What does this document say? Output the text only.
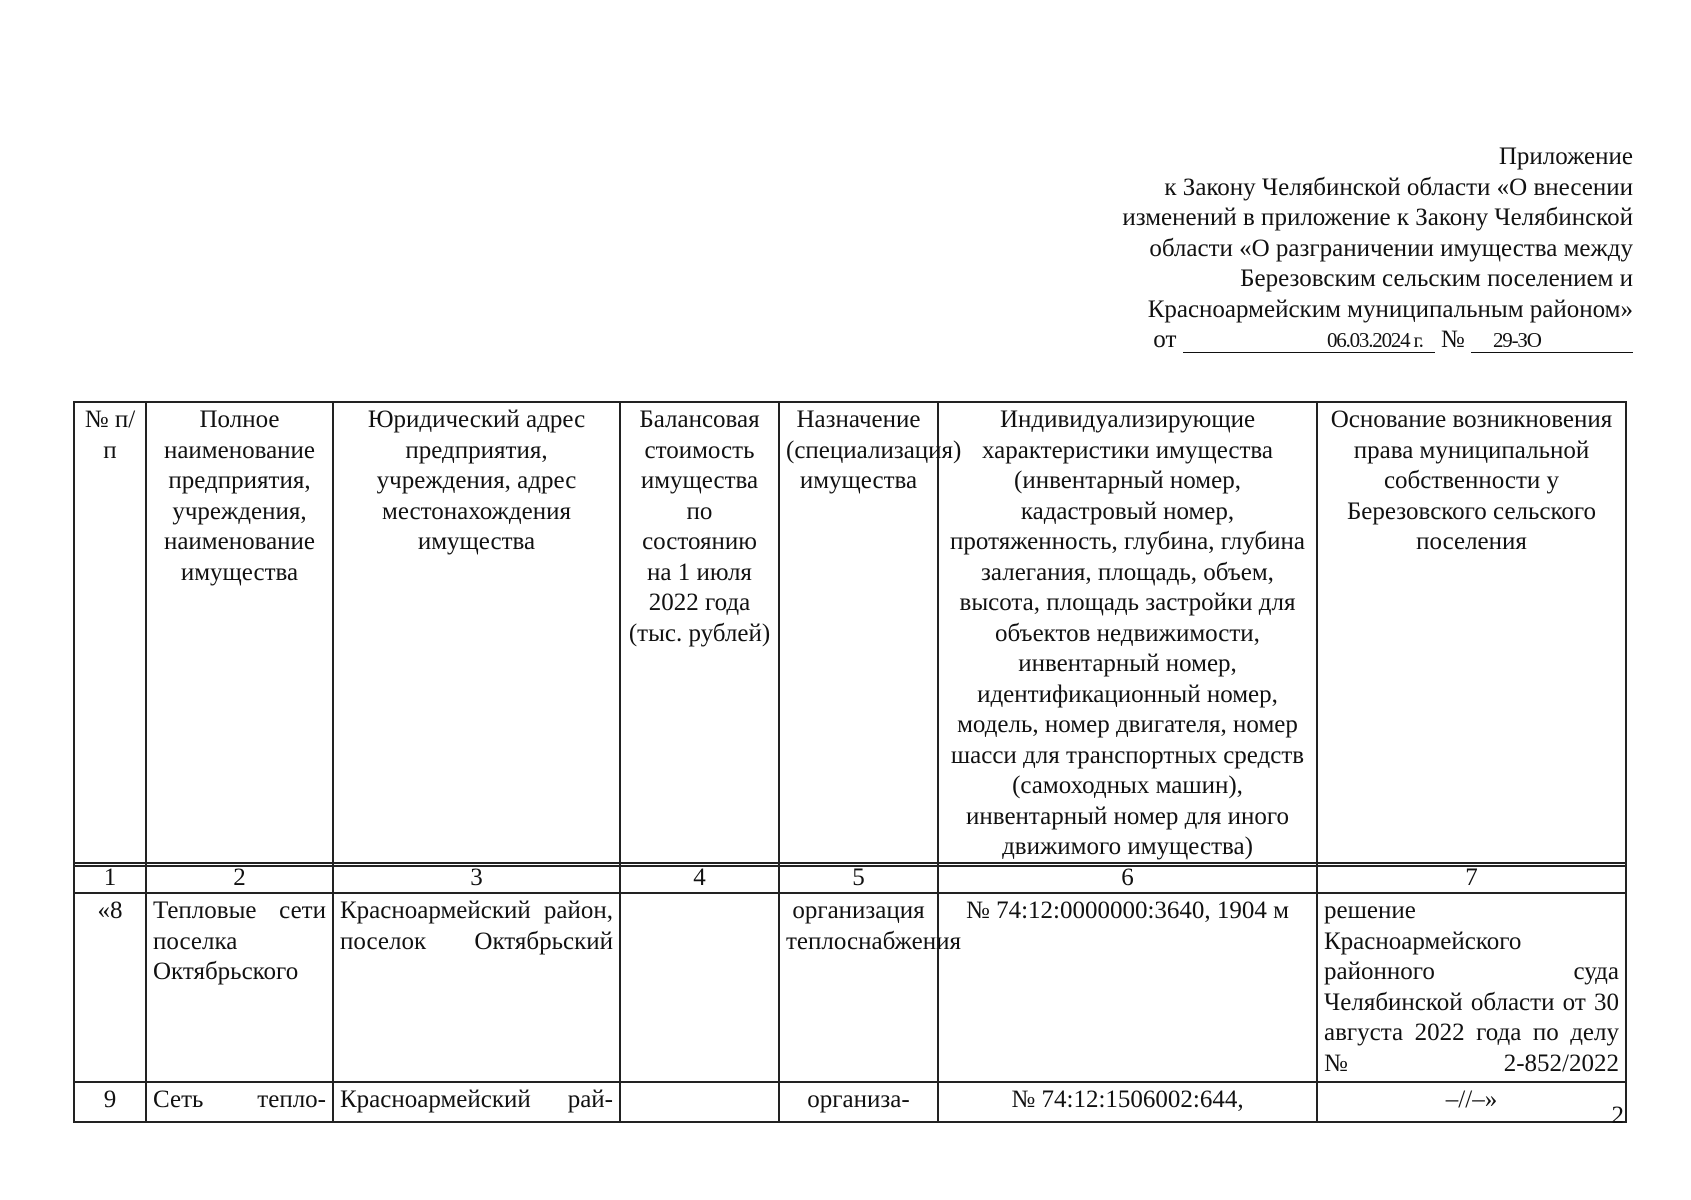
Приложение
к Закону Челябинской области «О внесении
изменений в приложение к Закону Челябинской
области «О разграничении имущества между
Березовским сельским поселением и
Красноармейским муниципальным районом»
от	06.03.2024 г. № 29-ЗО
№ п/п	Полное наименование предприятия, учреждения, наименование имущества	Юридический адрес предприятия, учреждения, адрес местонахождения имущества	Балансовая стоимость имущества по состоянию на 1 июля 2022 года (тыс. рублей)	Назначение (специализация) имущества	Индивидуализирующие характеристики имущества (инвентарный номер, кадастровый номер, протяженность, глубина, глубина залегания, площадь, объем, высота, площадь застройки для объектов недвижимости, инвентарный номер, идентификационный номер, модель, номер двигателя, номер шасси для транспортных средств (самоходных машин), инвентарный номер для иного движимого имущества)	Основание возникновения права муниципальной собственности у Березовского сельского поселения
1	2	3	4	5	6	7
«8	Тепловые сети поселка Октябрьского	Красноармейский район, поселок Октябрьский		организация теплоснабжения	№ 74:12:0000000:3640, 1904 м	решение Красноармейского районного суда Челябинской области от 30 августа 2022 года по делу № 2-852/2022
9	Сеть тепло-	Красноармейский рай-		организа-	№ 74:12:1506002:644,	–//–»
2
